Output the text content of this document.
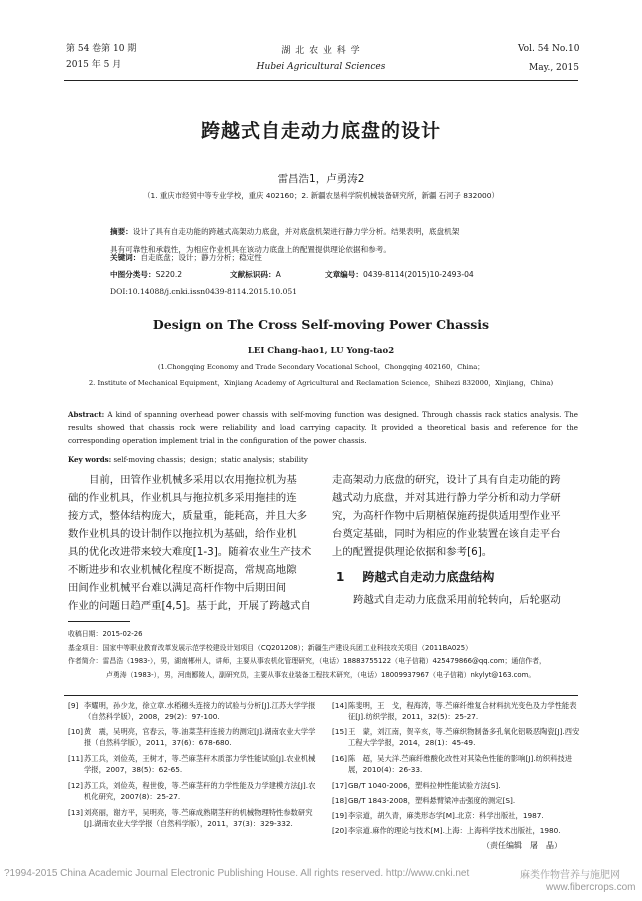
第 54 卷第 10 期
2015 年 5 月
湖 北 农 业 科 学
Hubei Agricultural Sciences
Vol. 54 No.10
May., 2015
跨越式自走动力底盘的设计
雷昌浩1，卢勇涛2
（1. 重庆市经贸中等专业学校，重庆 402160；2. 新疆农垦科学院机械装备研究所，新疆 石河子 832000）
摘要：设计了具有自走功能的跨越式高架动力底盘，并对底盘机架进行静力学分析。结果表明，底盘机架
具有可靠性和承载性，为相应作业机具在该动力底盘上的配置提供理论依据和参考。
关键词：自走底盘；设计；静力分析；稳定性
中图分类号：S220.2	文献标识码：A	文章编号：0439-8114(2015)10-2493-04
DOI:10.14088/j.cnki.issn0439-8114.2015.10.051
Design on The Cross Self-moving Power Chassis
LEI Chang-hao1, LU Yong-tao2
(1.Chongqing Economy and Trade Secondary Vocational School，Chongqing 402160，China；
2. Institute of Mechanical Equipment，Xinjiang Academy of Agricultural and Reclamation Science，Shihezi 832000，Xinjiang，China)
Abstract: A kind of spanning overhead power chassis with self-moving function was designed. Through chassis rack statics analysis. The results showed that chassis rock were reliability and load carrying capacity. It provided a theoretical basis and reference for the corresponding operation implement trial in the configuration of the power chassis.
Key words: self-moving chassis；design；static analysis；stability
目前，田管作业机械多采用以农用拖拉机为基
础的作业机具，作业机具与拖拉机多采用拖挂的连
接方式，整体结构庞大，质量重，能耗高，并且大多
数作业机具的设计制作以拖拉机为基础，给作业机
具的优化改进带来较大难度[1-3]。随着农业生产技术
不断进步和农业机械化程度不断提高，常规高地隙
田间作业机械平台难以满足高杆作物中后期田间
作业的问题日趋严重[4,5]。基于此，开展了跨越式自
走高架动力底盘的研究，设计了具有自走功能的跨
越式动力底盘，并对其进行静力学分析和动力学研
究，为高杆作物中后期植保施药提供适用型作业平
台奠定基础，同时为相应的作业装置在该自走平台
上的配置提供理论依据和参考[6]。
1 跨越式自走动力底盘结构
跨越式自走动力底盘采用前轮转向，后轮驱动
收稿日期：2015-02-26
基金项目：国家中等职业教育改革发展示范学校建设计划项目（CQ201208）；新疆生产建设兵团工业科技攻关项目（2011BA025）
作者简介：雷昌浩（1983-），男，湖南郴州人，讲师，主要从事农机化管理研究，（电话）18883755122（电子信箱）425479866@qq.com；通信作者，
卢勇涛（1983-），男，河南郾陵人，副研究员，主要从事农业装备工程技术研究，（电话）18009937967（电子信箱）nkylyt@163.com。
[9] 李耀明，孙少龙，徐立章.水稻穗头连接力的试验与分析[J].江苏大学学报（自然科学版），2008，29(2)：97-100.
[10] 黄　震，吴明亮，官春云，等.油菜茎秆连接力的测定[J].湖南农业大学学报（自然科学版），2011，37(6)：678-680.
[11] 苏工兵，刘俭英，王树才，等.苎麻茎秆木质部力学性能试验[J].农业机械学报，2007，38(5)：62-65.
[12] 苏工兵，刘俭英，程世俊，等.苎麻茎秆的力学性能及力学建模方法[J].农机化研究，2007(8)：25-27.
[13] 刘亮丽，谢方平，吴明亮，等.苎麻成熟期茎秆的机械物理特性参数研究[J].湖南农业大学学报（自然科学版），2011，37(3)：329-332.
[14] 陈斐明，王　戈，程海涛，等.苎麻纤维复合材料抗光变色及力学性能表征[J].纺织学报，2011，32(5)：25-27.
[15] 王　蒙，刘江南，贺辛亥，等.苎麻织物制备多孔氧化铝吸恶陶瓷[J].西安工程大学学报，2014，28(1)：45-49.
[16] 陈　超，吴大洋.苎麻纤维酸化改性对其染色性能的影响[J].纺织科技进展，2010(4)：26-33.
[17] GB/T 1040-2006，塑料拉伸性能试验方法[S].
[18] GB/T 1843-2008，塑料悬臂梁冲击强度的测定[S].
[19] 李宗道，胡久青，麻类形态学[M].北京：科学出版社，1987.
[20] 李宗道.麻作的理论与技术[M].上海：上海科学技术出版社，1980.
（责任编辑　屠　晶）
?1994-2015 China Academic Journal Electronic Publishing House. All rights reserved. http://www.cnki.net	麻类作物营养与施肥网
www.fibercrops.com
